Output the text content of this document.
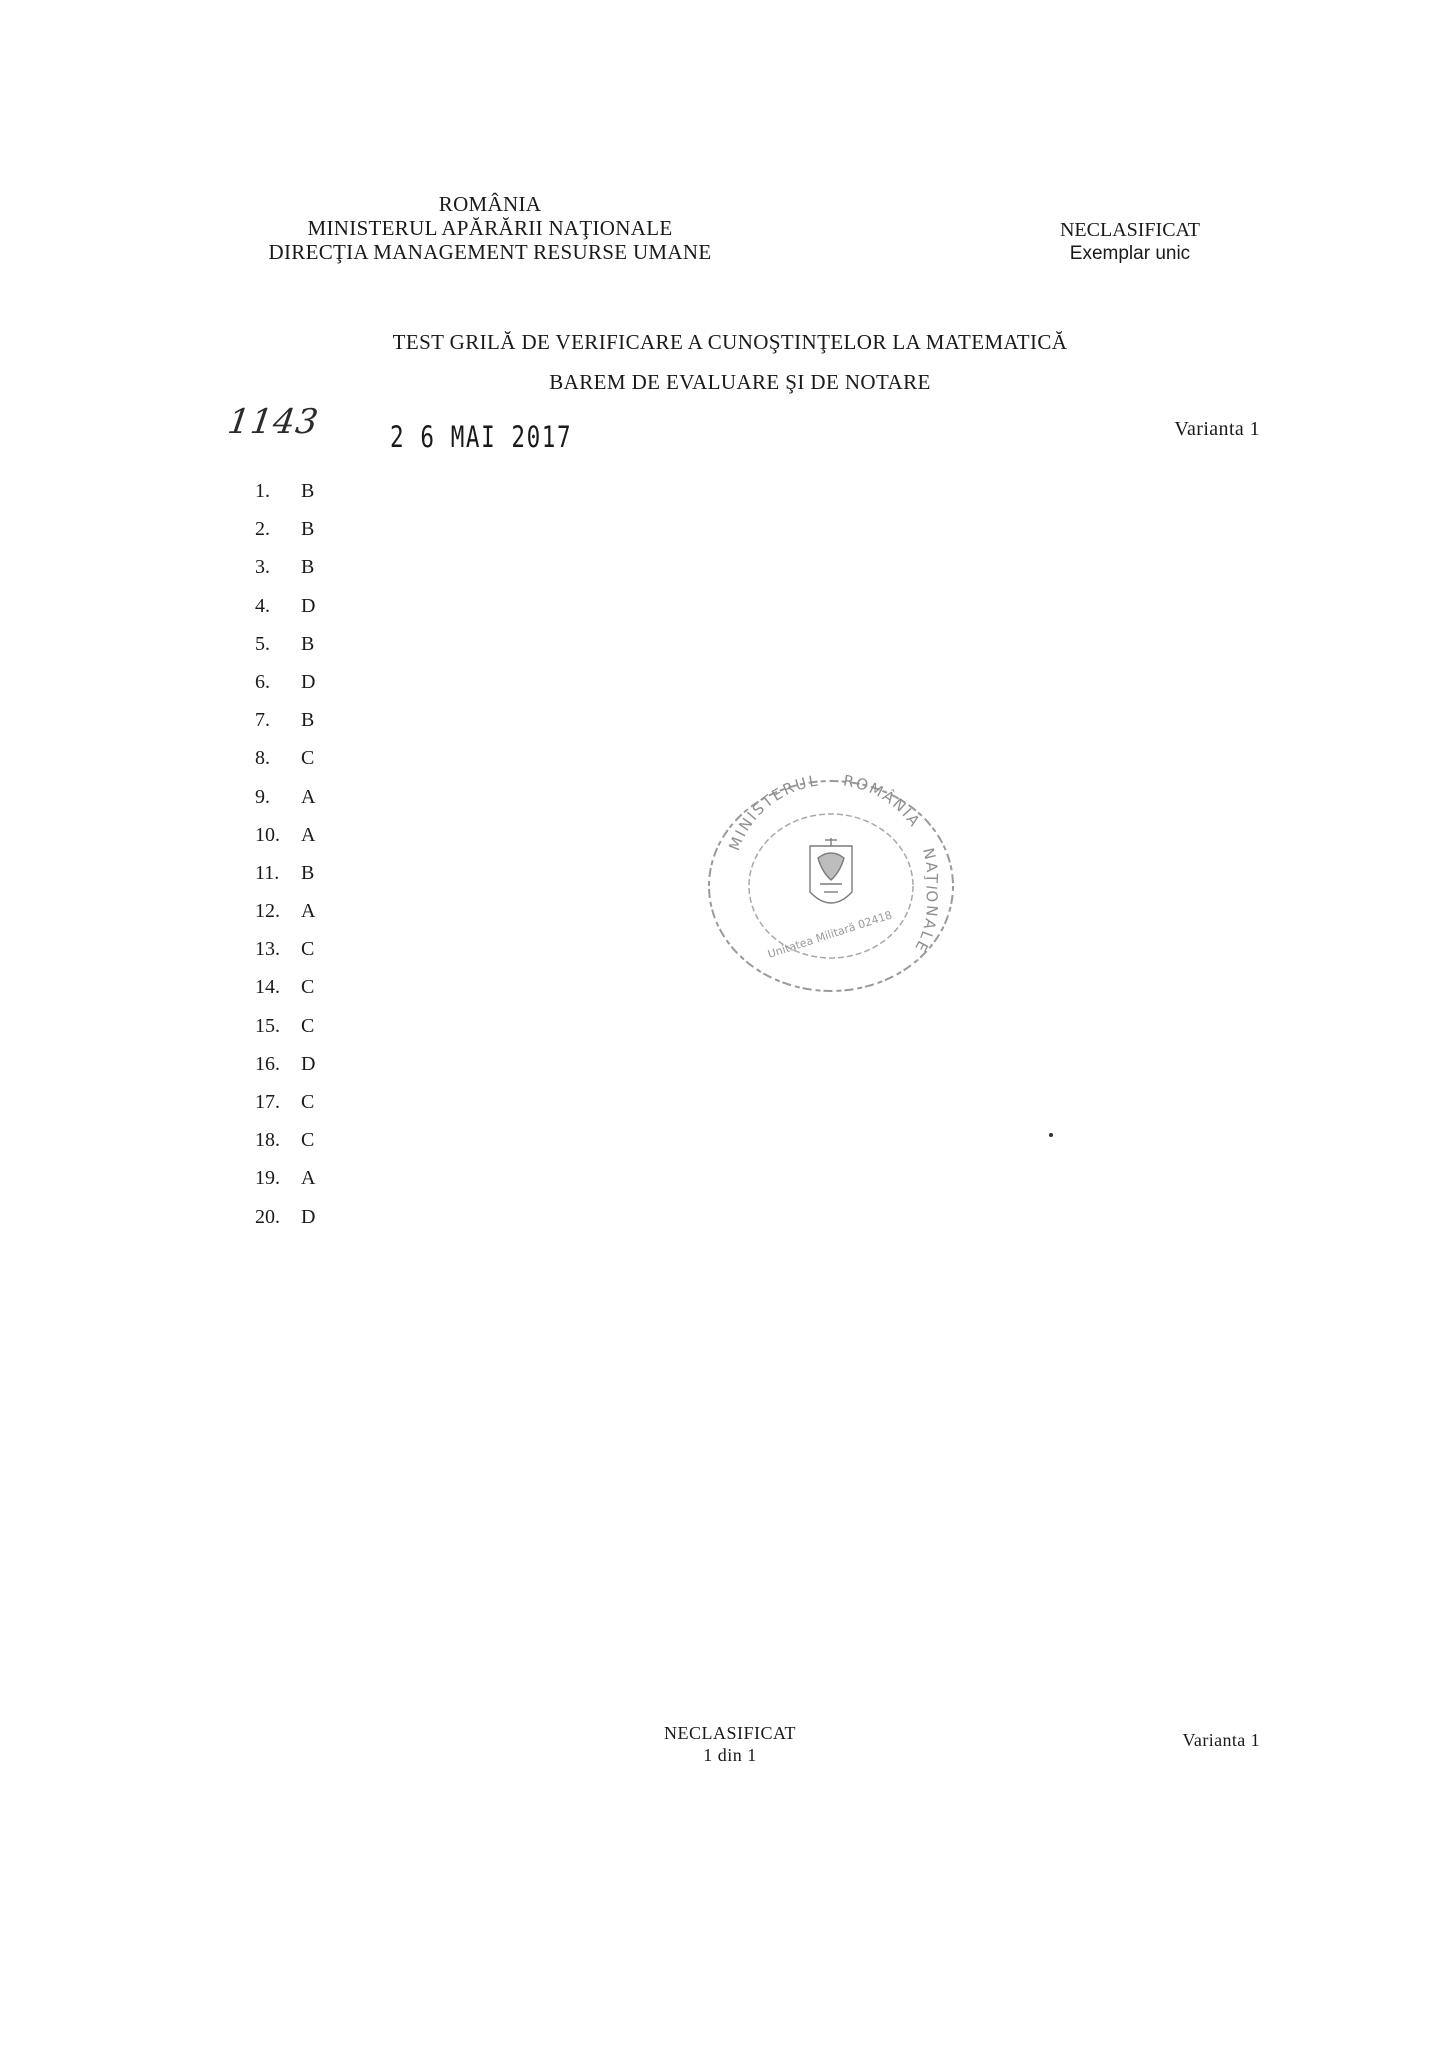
ROMÂNIA
MINISTERUL APĂRĂRII NAŢIONALE
DIRECŢIA MANAGEMENT RESURSE UMANE
NECLASIFICAT
Exemplar unic
TEST GRILĂ DE VERIFICARE A CUNOŞTINŢELOR LA MATEMATICĂ
BAREM DE EVALUARE ŞI DE NOTARE
1143 2 6 MAI 2017	Varianta 1
1.	B
2.	B
3.	B
4.	D
5.	B
6.	D
7.	B
8.	C
9.	A
10.	A
11.	B
12.	A
13.	C
14.	C
15.	C
16.	D
17.	C
18.	C
19.	A
20.	D
MINISTERUL ROMÂNIA NAŢIONALE
Unitatea Militară 02418
NECLASIFICAT
1 din 1
Varianta 1
